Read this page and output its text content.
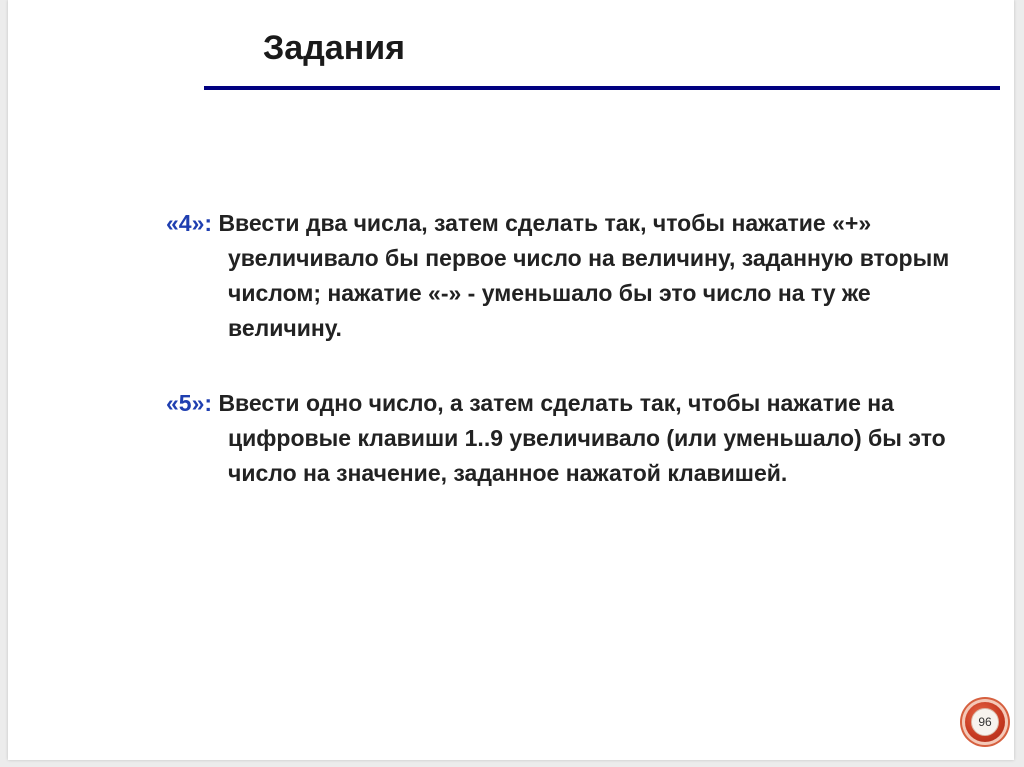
Задания
«4»: Ввести два числа, затем сделать так, чтобы нажатие «+» увеличивало бы первое число на величину, заданную вторым числом; нажатие «-» - уменьшало бы это число на ту же величину.
«5»: Ввести одно число, а затем сделать так, чтобы нажатие на цифровые клавиши 1..9 увеличивало (или уменьшало) бы это число на значение, заданное нажатой клавишей.
96
